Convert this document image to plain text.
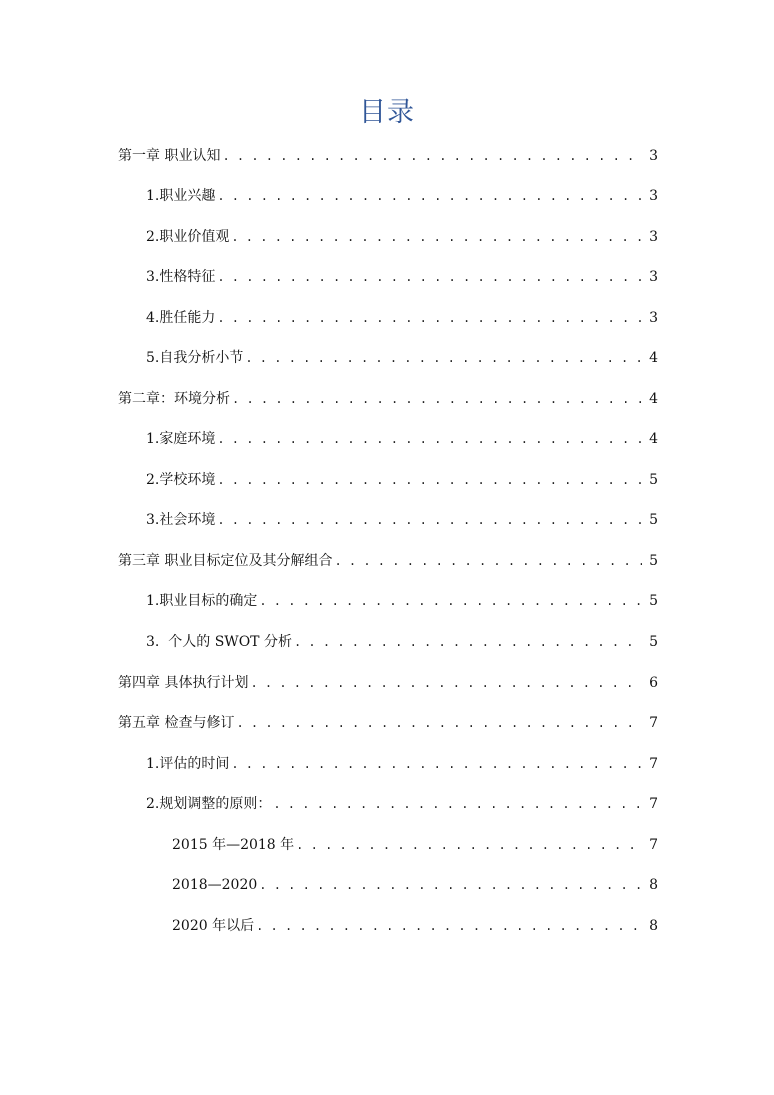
目录
第一章 职业认知 . . .	3
1.职业兴趣 . . .	3
2.职业价值观 . . .	3
3.性格特征 . . .	3
4.胜任能力 . . .	3
5.自我分析小节 . . .	4
第二章：环境分析 . . .	4
1.家庭环境 . . .	4
2.学校环境 . . .	5
3.社会环境 . . .	5
第三章 职业目标定位及其分解组合 . . .	5
1.职业目标的确定 . . .	5
3.  个人的 SWOT 分析 . . .	5
第四章 具体执行计划 . . .	6
第五章 检查与修订 . . .	7
1.评估的时间 . . .	7
2.规划调整的原则： . . .	7
2015 年—2018 年 . . .	7
2018—2020 . . .	8
2020 年以后 . . .	8
